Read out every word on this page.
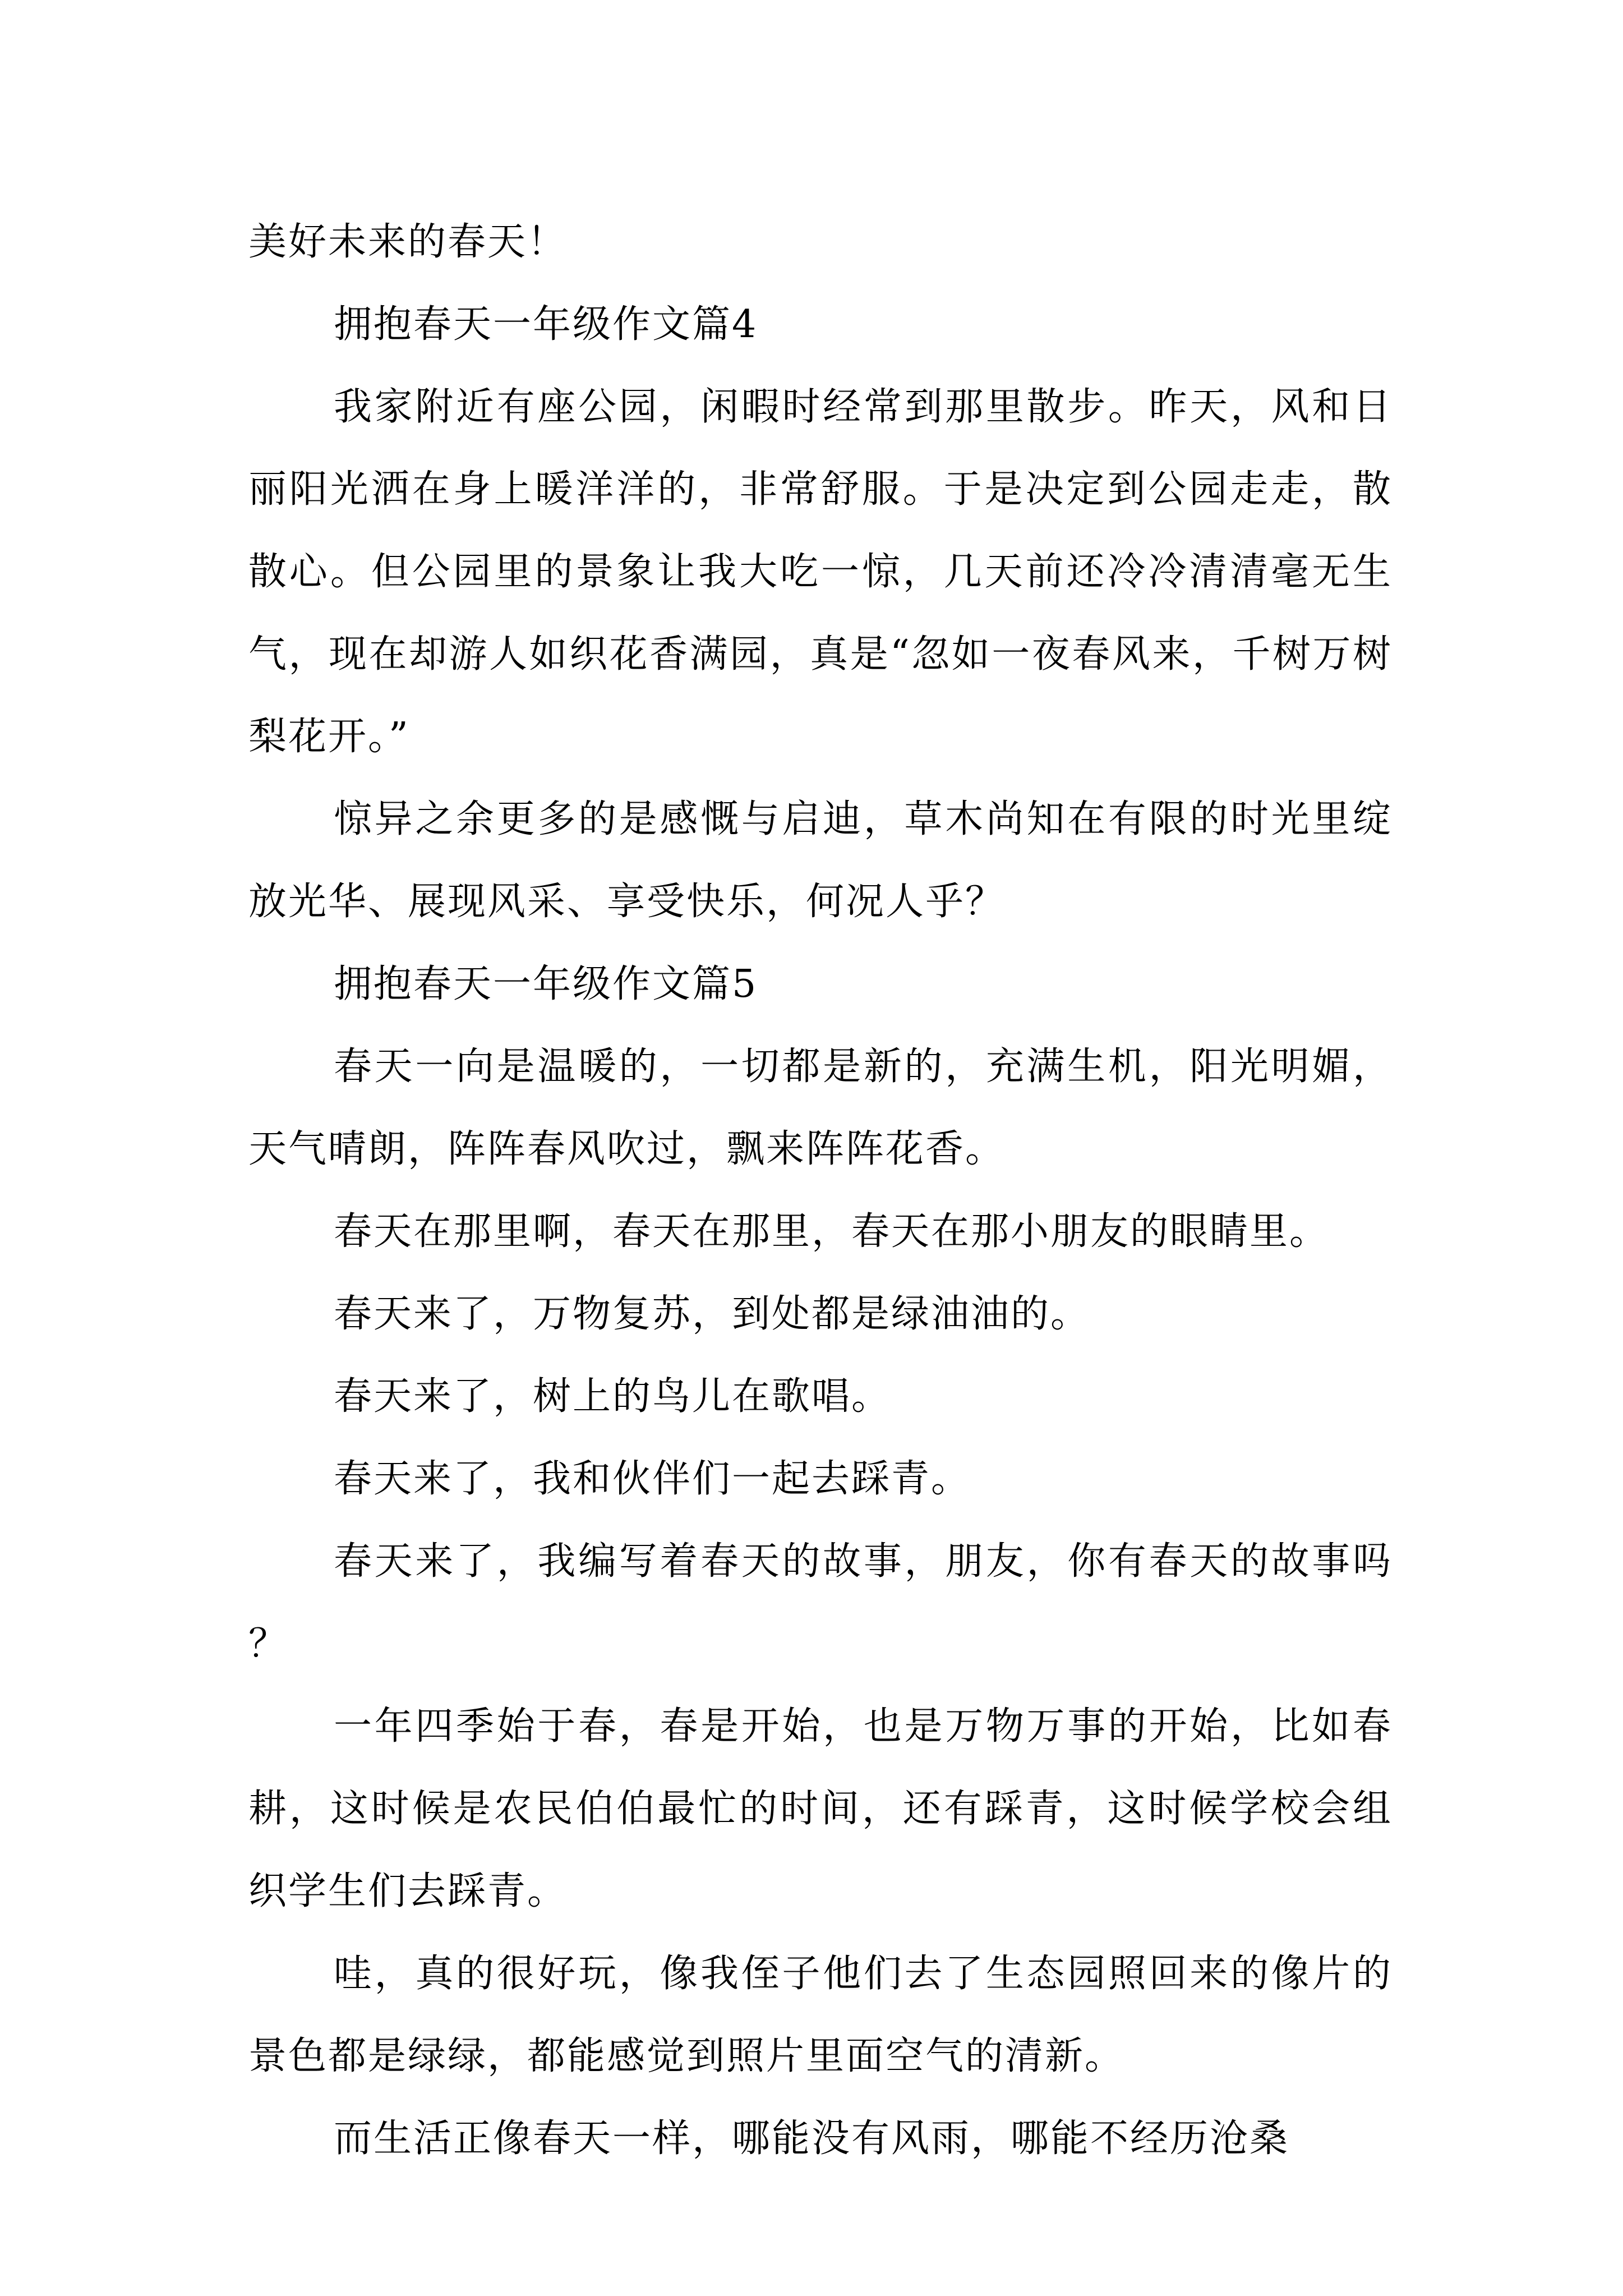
美好未来的春天！

拥抱春天一年级作文篇4

我家附近有座公园，闲暇时经常到那里散步。昨天，风和日丽阳光洒在身上暖洋洋的，非常舒服。于是决定到公园走走，散散心。但公园里的景象让我大吃一惊，几天前还冷冷清清毫无生气，现在却游人如织花香满园，真是“忽如一夜春风来，千树万树梨花开。”

惊异之余更多的是感慨与启迪，草木尚知在有限的时光里绽放光华、展现风采、享受快乐，何况人乎？

拥抱春天一年级作文篇5

春天一向是温暖的，一切都是新的，充满生机，阳光明媚，天气晴朗，阵阵春风吹过，飘来阵阵花香。

春天在那里啊，春天在那里，春天在那小朋友的眼睛里。

春天来了，万物复苏，到处都是绿油油的。

春天来了，树上的鸟儿在歌唱。

春天来了，我和伙伴们一起去踩青。

春天来了，我编写着春天的故事，朋友，你有春天的故事吗？

一年四季始于春，春是开始，也是万物万事的开始，比如春耕，这时候是农民伯伯最忙的时间，还有踩青，这时候学校会组织学生们去踩青。

哇，真的很好玩，像我侄子他们去了生态园照回来的像片的景色都是绿绿，都能感觉到照片里面空气的清新。

而生活正像春天一样，哪能没有风雨，哪能不经历沧桑
